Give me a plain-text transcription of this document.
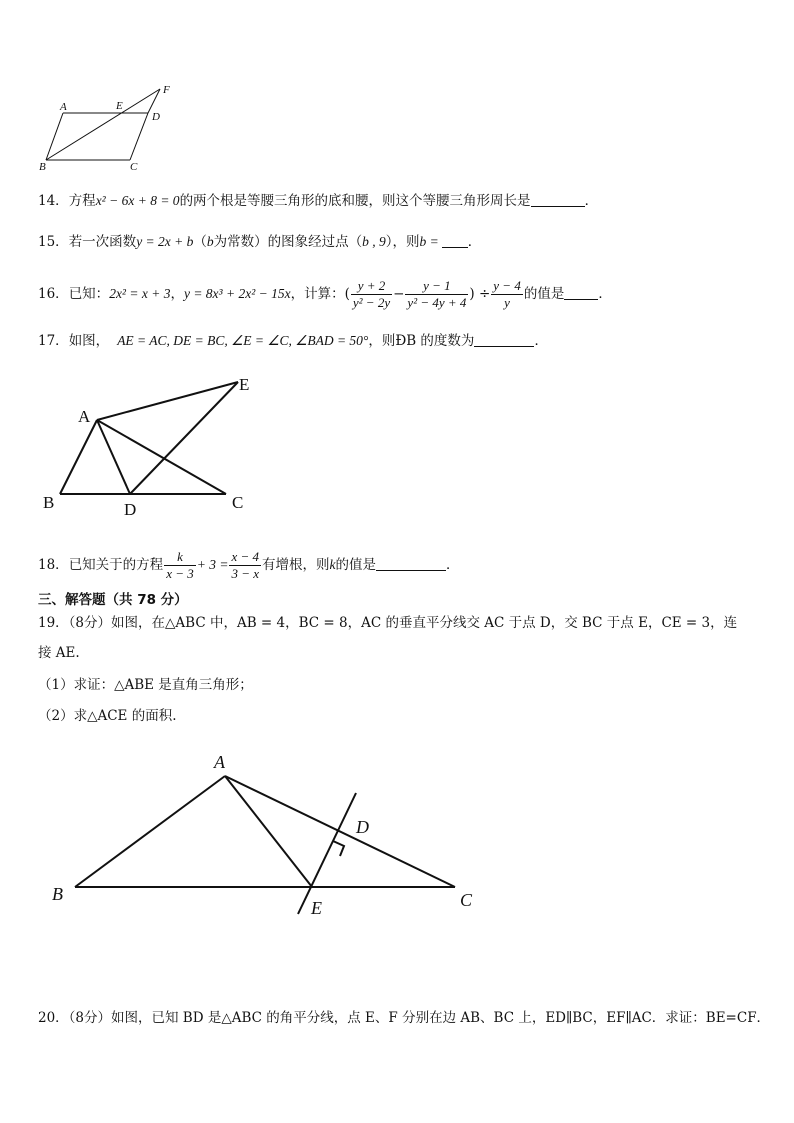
A	E
F
D
B	C
14．方程x² − 6x + 8 = 0的两个根是等腰三角形的底和腰，则这个等腰三角形周长是	．
15．若一次函数y = 2x + b（b为常数）的图象经过点（b , 9），则b = ．
16．已知：2x² = x + 3，y = 8x³ + 2x² − 15x，计算：( $\frac{y + 2}{\text{y² − 2y}} - \frac{y - 1}{\text{y² − 4y + 4}}$ ) ÷ $\frac{y - 4}{y}$ 的值是	．
17．如图， AE = AC, DE = BC, ∠E = ∠C, ∠BAD = 50°，则ÐB 的度数为	．
A
E
B	D	C
18．已知关于的方程 $\frac{k}{x - 3} + 3 = \frac{x - 4}{3 - x}$ 有增根，则k的值是	．
三、解答题（共 78 分）
19．（8分）如图，在△ABC 中，AB = 4，BC = 8，AC 的垂直平分线交 AC 于点 D，交 BC 于点 E，CE = 3，连
接 AE.
（1）求证：△ABE 是直角三角形；
（2）求△ACE 的面积.
A
D
B
E	C
20．（8分）如图，已知 BD 是△ABC 的角平分线，点 E、F 分别在边 AB、BC 上，ED∥BC，EF∥AC．求证：BE=CF．
